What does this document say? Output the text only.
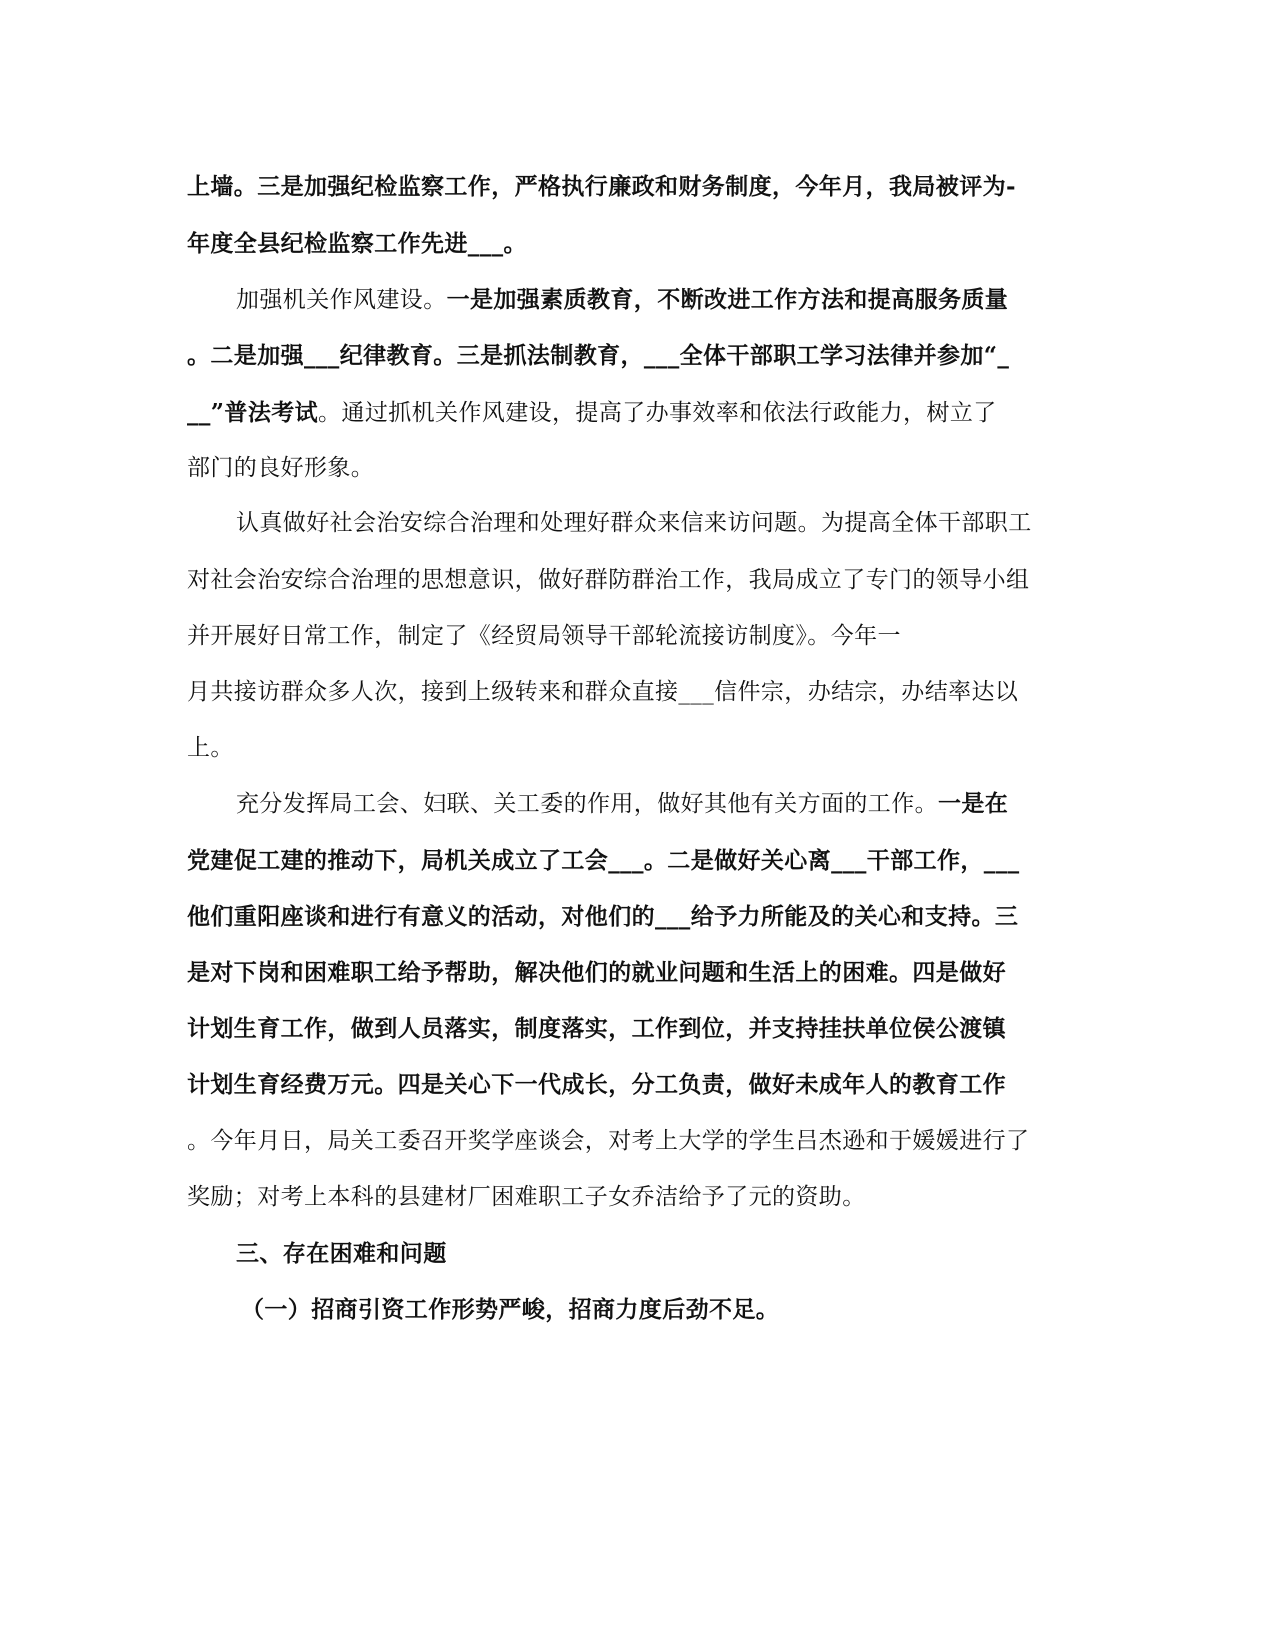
上墙。三是加强纪检监察工作，严格执行廉政和财务制度，今年月，我局被评为-
年度全县纪检监察工作先进___。
加强机关作风建设。一是加强素质教育，不断改进工作方法和提高服务质量
。二是加强___纪律教育。三是抓法制教育，___全体干部职工学习法律并参加“_
__”普法考试。通过抓机关作风建设，提高了办事效率和依法行政能力，树立了
部门的良好形象。
认真做好社会治安综合治理和处理好群众来信来访问题。为提高全体干部职工
对社会治安综合治理的思想意识，做好群防群治工作，我局成立了专门的领导小组
并开展好日常工作，制定了《经贸局领导干部轮流接访制度》。今年一
月共接访群众多人次，接到上级转来和群众直接___信件宗，办结宗，办结率达以
上。
充分发挥局工会、妇联、关工委的作用，做好其他有关方面的工作。一是在
党建促工建的推动下，局机关成立了工会___。二是做好关心离___干部工作，___
他们重阳座谈和进行有意义的活动，对他们的___给予力所能及的关心和支持。三
是对下岗和困难职工给予帮助，解决他们的就业问题和生活上的困难。四是做好
计划生育工作，做到人员落实，制度落实，工作到位，并支持挂扶单位侯公渡镇
计划生育经费万元。四是关心下一代成长，分工负责，做好未成年人的教育工作
。今年月日，局关工委召开奖学座谈会，对考上大学的学生吕杰逊和于媛媛进行了
奖励；对考上本科的县建材厂困难职工子女乔洁给予了元的资助。
三、存在困难和问题
（一）招商引资工作形势严峻，招商力度后劲不足。
